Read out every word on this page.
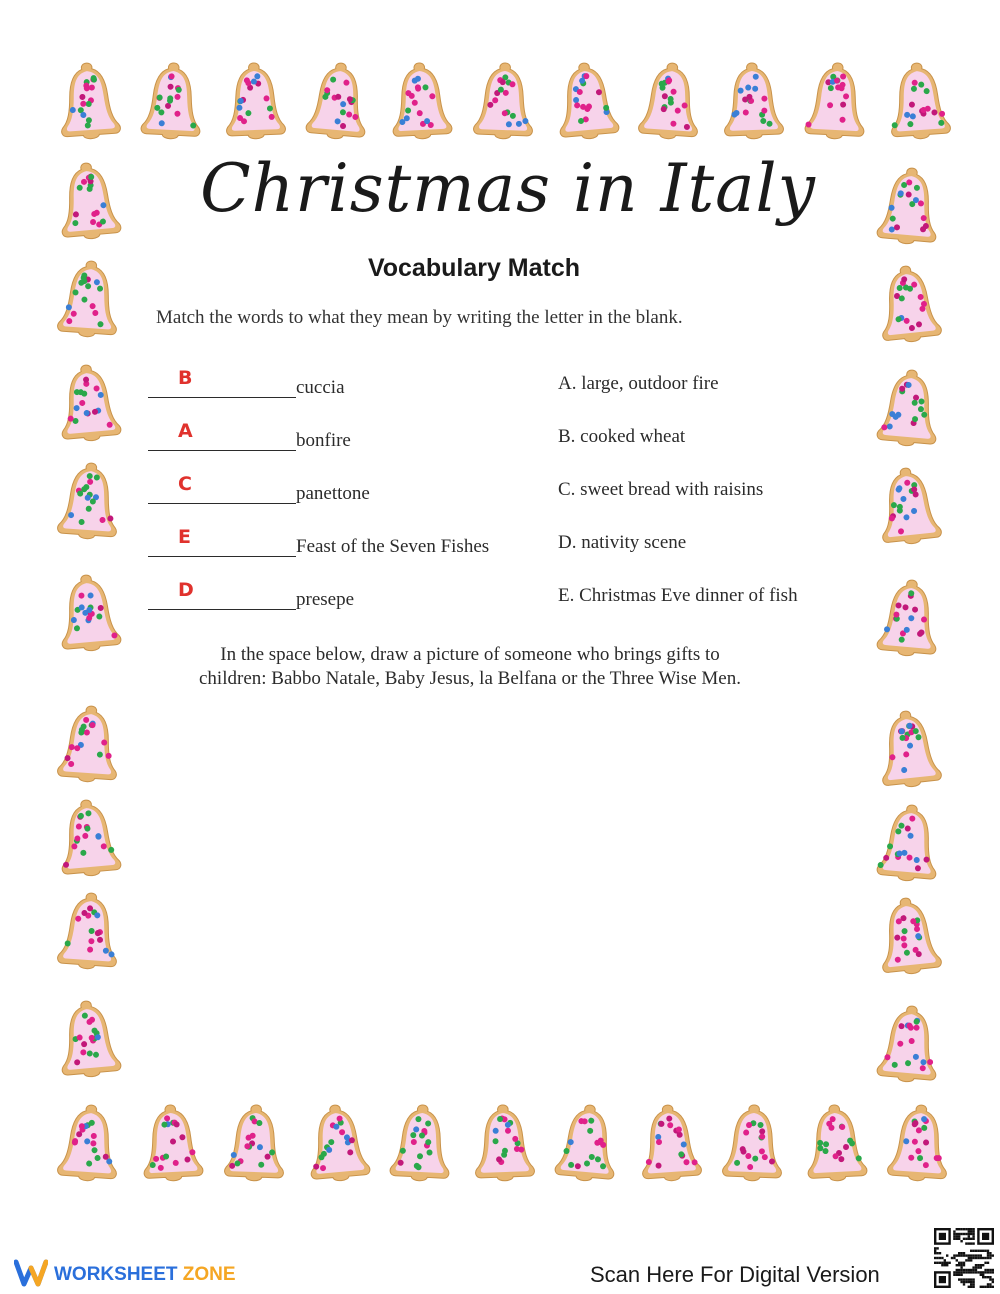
Christmas in Italy
Vocabulary Match
Match the words to what they mean by writing the letter in the blank.
B	cuccia	A. large, outdoor fire
A	bonfire	B. cooked wheat
C	panettone	C. sweet bread with raisins
E	Feast of the Seven Fishes	D. nativity scene
D	presepe	E. Christmas Eve dinner of fish
In the space below, draw a picture of someone who brings gifts to
children: Babbo Natale, Baby Jesus, la Belfana or the Three Wise Men.
WORKSHEET ZONE	Scan Here For Digital Version
